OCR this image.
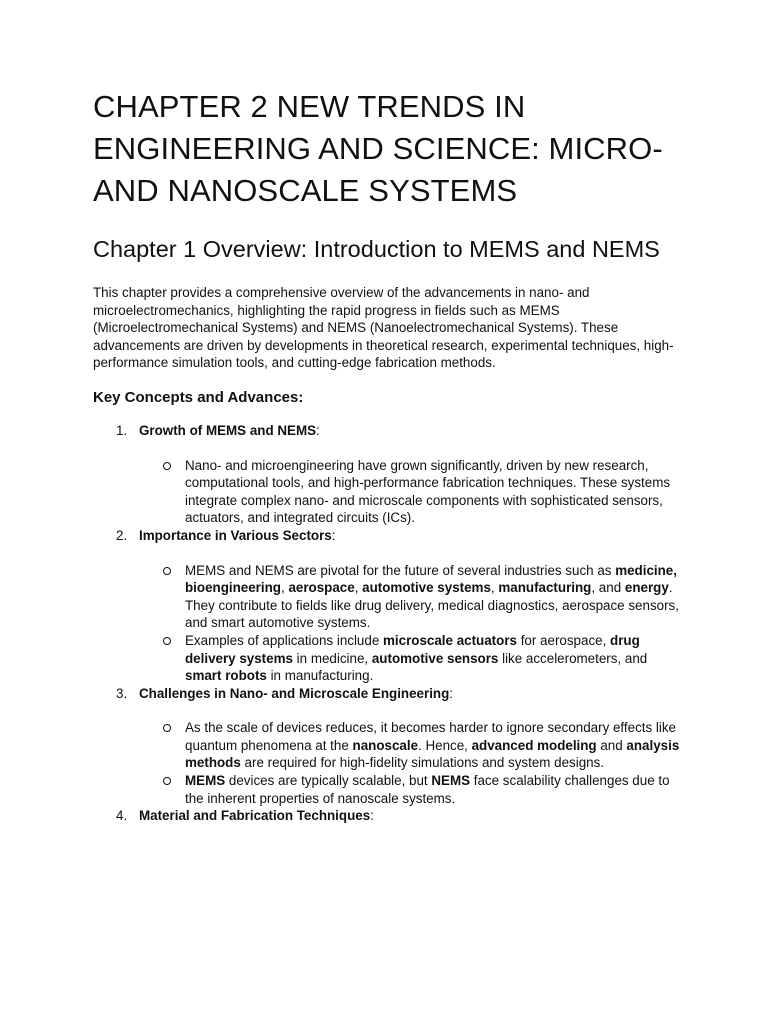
CHAPTER 2 NEW TRENDS IN ENGINEERING AND SCIENCE: MICRO- AND NANOSCALE SYSTEMS
Chapter 1 Overview: Introduction to MEMS and NEMS

This chapter provides a comprehensive overview of the advancements in nano- and microelectromechanics, highlighting the rapid progress in fields such as MEMS (Microelectromechanical Systems) and NEMS (Nanoelectromechanical Systems). These advancements are driven by developments in theoretical research, experimental techniques, high-performance simulation tools, and cutting-edge fabrication methods.

Key Concepts and Advances:
1. Growth of MEMS and NEMS:
Nano- and microengineering have grown significantly, driven by new research, computational tools, and high-performance fabrication techniques. These systems integrate complex nano- and microscale components with sophisticated sensors, actuators, and integrated circuits (ICs).
2. Importance in Various Sectors:
MEMS and NEMS are pivotal for the future of several industries such as medicine, bioengineering, aerospace, automotive systems, manufacturing, and energy. They contribute to fields like drug delivery, medical diagnostics, aerospace sensors, and smart automotive systems.
Examples of applications include microscale actuators for aerospace, drug delivery systems in medicine, automotive sensors like accelerometers, and smart robots in manufacturing.
3. Challenges in Nano- and Microscale Engineering:
As the scale of devices reduces, it becomes harder to ignore secondary effects like quantum phenomena at the nanoscale. Hence, advanced modeling and analysis methods are required for high-fidelity simulations and system designs.
MEMS devices are typically scalable, but NEMS face scalability challenges due to the inherent properties of nanoscale systems.
4. Material and Fabrication Techniques:
